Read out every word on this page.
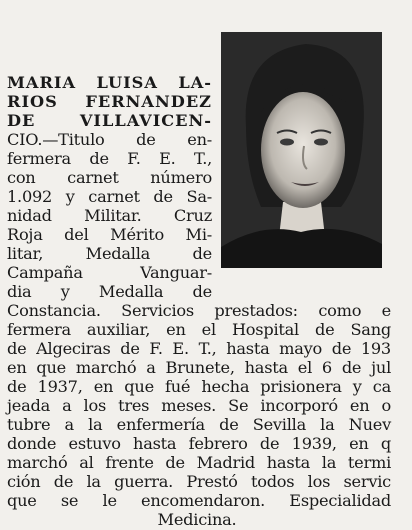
MARIA LUISA LA-
RIOS FERNANDEZ
DE VILLAVICEN-
CIO.—Titulo de en-
fermera de F. E. T.,
con carnet número
1.092 y carnet de Sa-
nidad Militar. Cruz
Roja del Mérito Mi-
litar, Medalla de
Campaña Vanguar-
dia y Medalla de
Constancia. Servicios prestados: como e
fermera auxiliar, en el Hospital de Sang
de Algeciras de F. E. T., hasta mayo de 193
en que marchó a Brunete, hasta el 6 de jul
de 1937, en que fué hecha prisionera y ca
jeada a los tres meses. Se incorporó en o
tubre a la enfermería de Sevilla la Nuev
donde estuvo hasta febrero de 1939, en q
marchó al frente de Madrid hasta la termi
ción de la guerra. Prestó todos los servic
que se le encomendaron. Especialidad
Medicina.
